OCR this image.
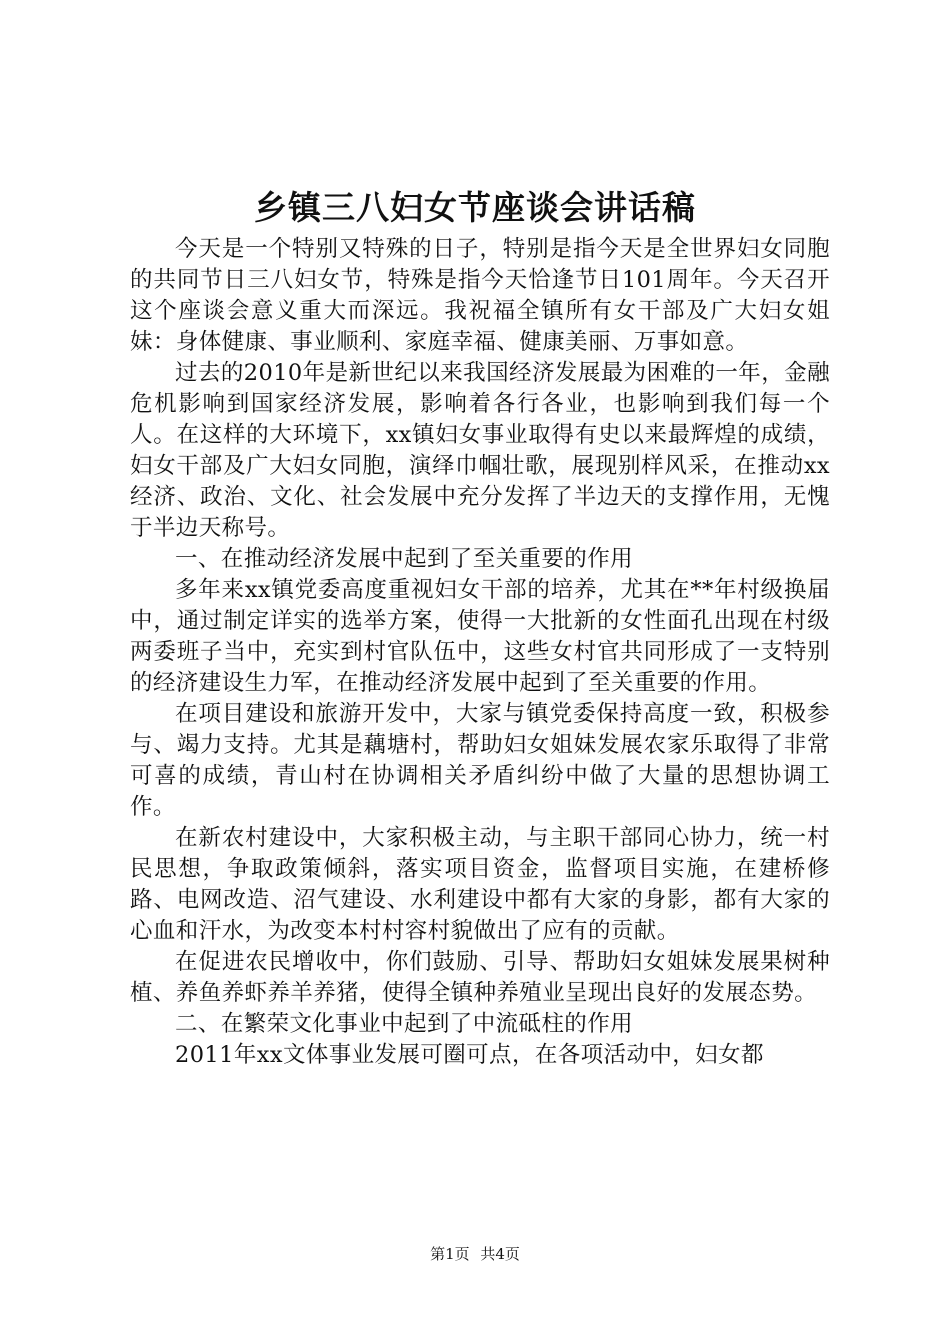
乡镇三八妇女节座谈会讲话稿

今天是一个特别又特殊的日子，特别是指今天是全世界妇女同胞的共同节日三八妇女节，特殊是指今天恰逢节日101周年。今天召开这个座谈会意义重大而深远。我祝福全镇所有女干部及广大妇女姐妹：身体健康、事业顺利、家庭幸福、健康美丽、万事如意。

过去的2010年是新世纪以来我国经济发展最为困难的一年，金融危机影响到国家经济发展，影响着各行各业，也影响到我们每一个人。在这样的大环境下，xx镇妇女事业取得有史以来最辉煌的成绩，妇女干部及广大妇女同胞，演绎巾帼壮歌，展现别样风采，在推动xx经济、政治、文化、社会发展中充分发挥了半边天的支撑作用，无愧于半边天称号。

一、在推动经济发展中起到了至关重要的作用

多年来xx镇党委高度重视妇女干部的培养，尤其在**年村级换届中，通过制定详实的选举方案，使得一大批新的女性面孔出现在村级两委班子当中，充实到村官队伍中，这些女村官共同形成了一支特别的经济建设生力军，在推动经济发展中起到了至关重要的作用。

在项目建设和旅游开发中，大家与镇党委保持高度一致，积极参与、竭力支持。尤其是藕塘村，帮助妇女姐妹发展农家乐取得了非常可喜的成绩，青山村在协调相关矛盾纠纷中做了大量的思想协调工作。

在新农村建设中，大家积极主动，与主职干部同心协力，统一村民思想，争取政策倾斜，落实项目资金，监督项目实施，在建桥修路、电网改造、沼气建设、水利建设中都有大家的身影，都有大家的心血和汗水，为改变本村村容村貌做出了应有的贡献。

在促进农民增收中，你们鼓励、引导、帮助妇女姐妹发展果树种植、养鱼养虾养羊养猪，使得全镇种养殖业呈现出良好的发展态势。

二、在繁荣文化事业中起到了中流砥柱的作用

2011年xx文体事业发展可圈可点，在各项活动中，妇女都

第1页 共4页
